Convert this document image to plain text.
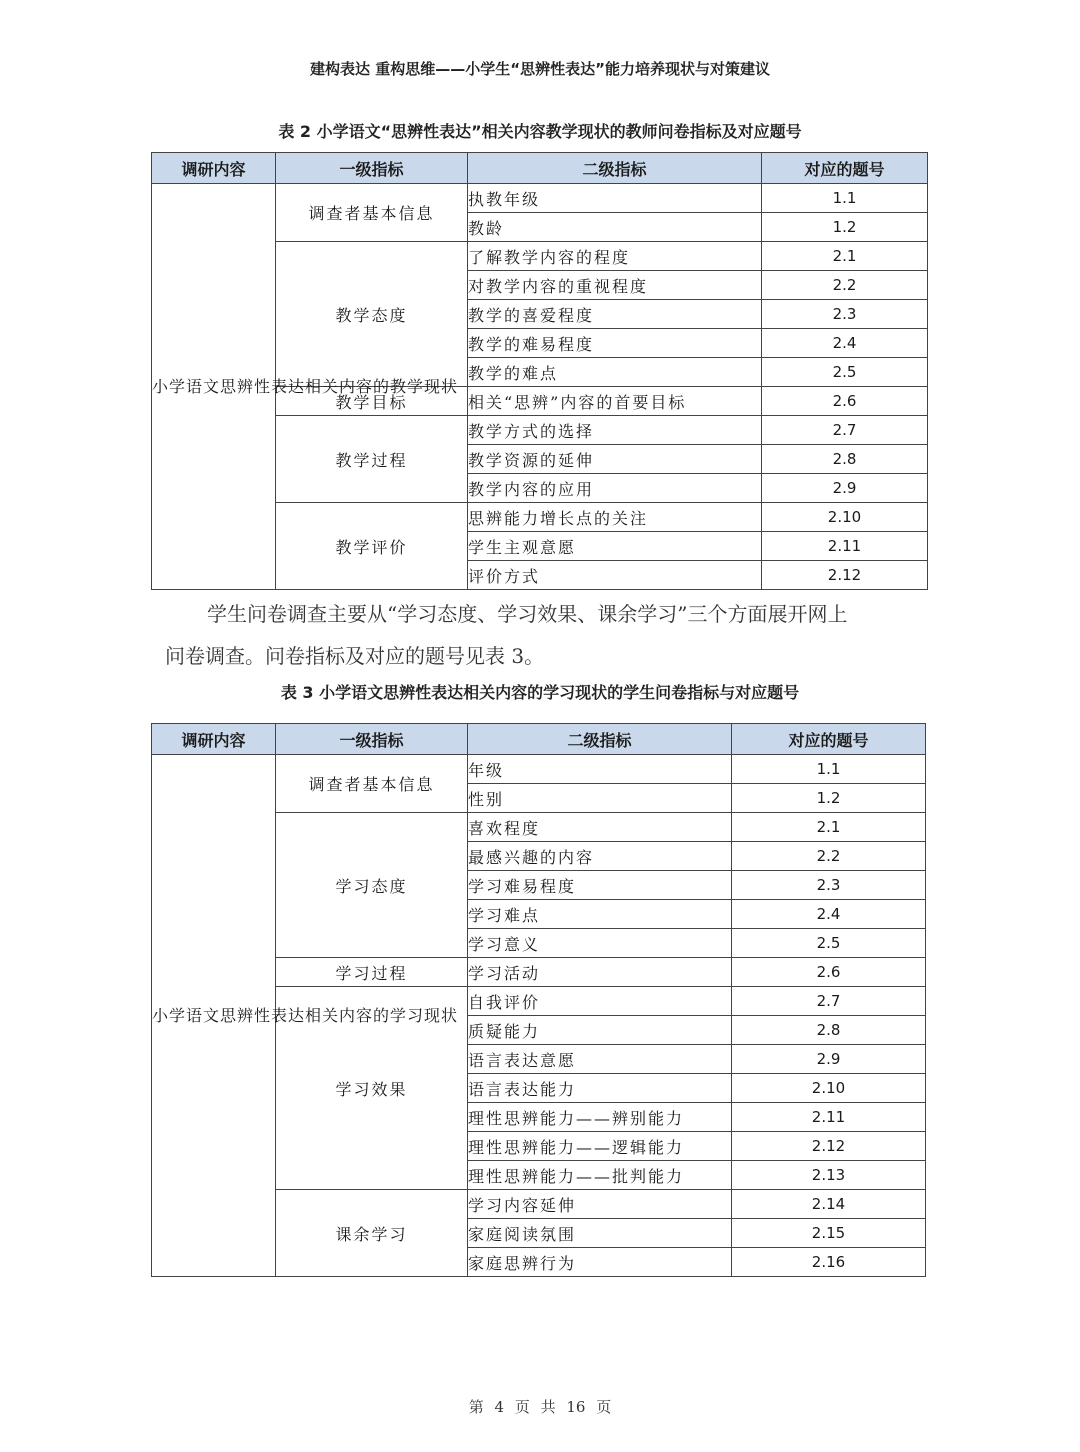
建构表达 重构思维——小学生“思辨性表达”能力培养现状与对策建议
表 2 小学语文“思辨性表达”相关内容教学现状的教师问卷指标及对应题号
调研内容	一级指标	二级指标	对应的题号
小学语文思辨性表达相关内容的教学现状	调查者基本信息	执教年级	1.1
		教龄	1.2
	教学态度	了解教学内容的程度	2.1
		对教学内容的重视程度	2.2
		教学的喜爱程度	2.3
		教学的难易程度	2.4
		教学的难点	2.5
	教学目标	相关“思辨”内容的首要目标	2.6
	教学过程	教学方式的选择	2.7
		教学资源的延伸	2.8
		教学内容的应用	2.9
	教学评价	思辨能力增长点的关注	2.10
		学生主观意愿	2.11
		评价方式	2.12
学生问卷调查主要从“学习态度、学习效果、课余学习”三个方面展开网上
问卷调查。问卷指标及对应的题号见表 3。
表 3 小学语文思辨性表达相关内容的学习现状的学生问卷指标与对应题号
调研内容	一级指标	二级指标	对应的题号
小学语文思辨性表达相关内容的学习现状	调查者基本信息	年级	1.1
		性别	1.2
	学习态度	喜欢程度	2.1
		最感兴趣的内容	2.2
		学习难易程度	2.3
		学习难点	2.4
		学习意义	2.5
	学习过程	学习活动	2.6
	学习效果	自我评价	2.7
		质疑能力	2.8
		语言表达意愿	2.9
		语言表达能力	2.10
		理性思辨能力——辨别能力	2.11
		理性思辨能力——逻辑能力	2.12
		理性思辨能力——批判能力	2.13
	课余学习	学习内容延伸	2.14
		家庭阅读氛围	2.15
		家庭思辨行为	2.16
第 4 页 共 16 页
